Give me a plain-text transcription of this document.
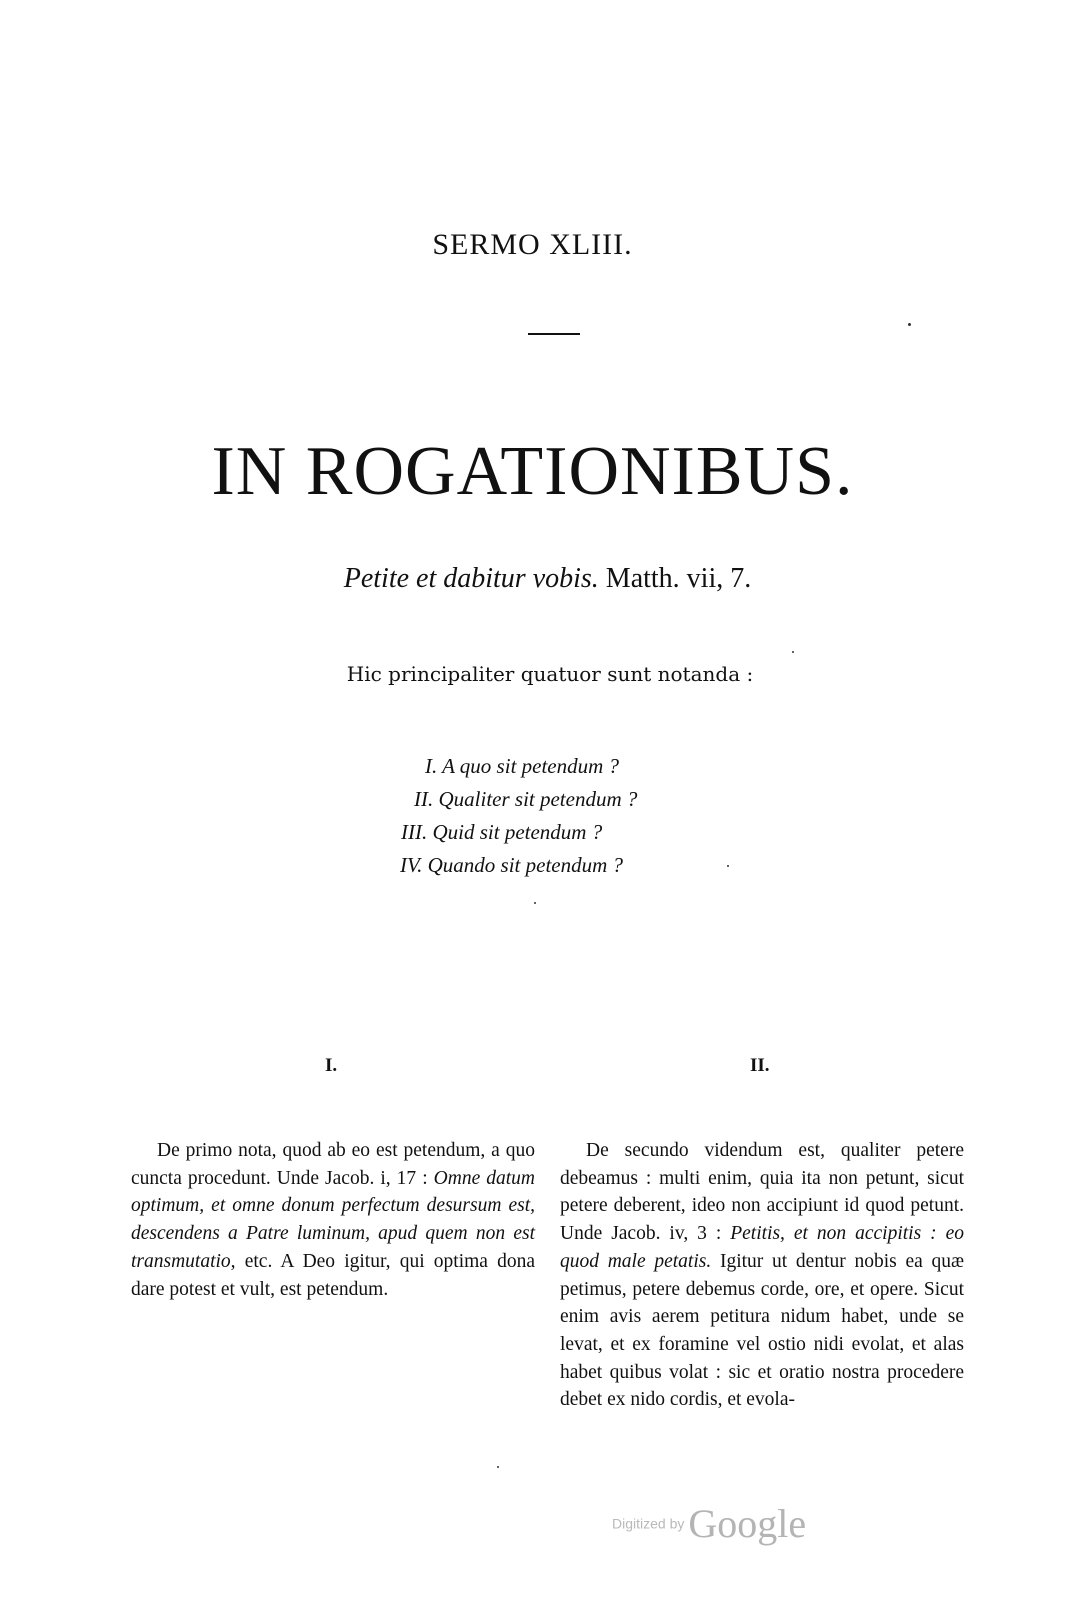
SERMO XLIII.
IN ROGATIONIBUS.
Petite et dabitur vobis. Matth. vii, 7.
Hic principaliter quatuor sunt notanda :
I. A quo sit petendum ?
II. Qualiter sit petendum ?
III. Quid sit petendum ?
IV. Quando sit petendum ?
I.	II.

De primo nota, quod ab eo est petendum, a quo cuncta procedunt. Unde Jacob. i, 17 : Omne datum optimum, et omne donum perfectum desursum est, descendens a Patre luminum, apud quem non est transmutatio, etc. A Deo igitur, qui optima dona dare potest et vult, est petendum.

De secundo videndum est, qualiter petere debeamus : multi enim, quia ita non petunt, sicut petere deberent, ideo non accipiunt id quod petunt. Unde Jacob. iv, 3 : Petitis, et non accipitis : eo quod male petatis. Igitur ut dentur nobis ea quæ petimus, petere debemus corde, ore, et opere. Sicut enim avis aerem petitura nidum habet, unde se levat, et ex foramine vel ostio nidi evolat, et alas habet quibus volat : sic et oratio nostra procedere debet ex nido cordis, et evola-

Digitized by Google
